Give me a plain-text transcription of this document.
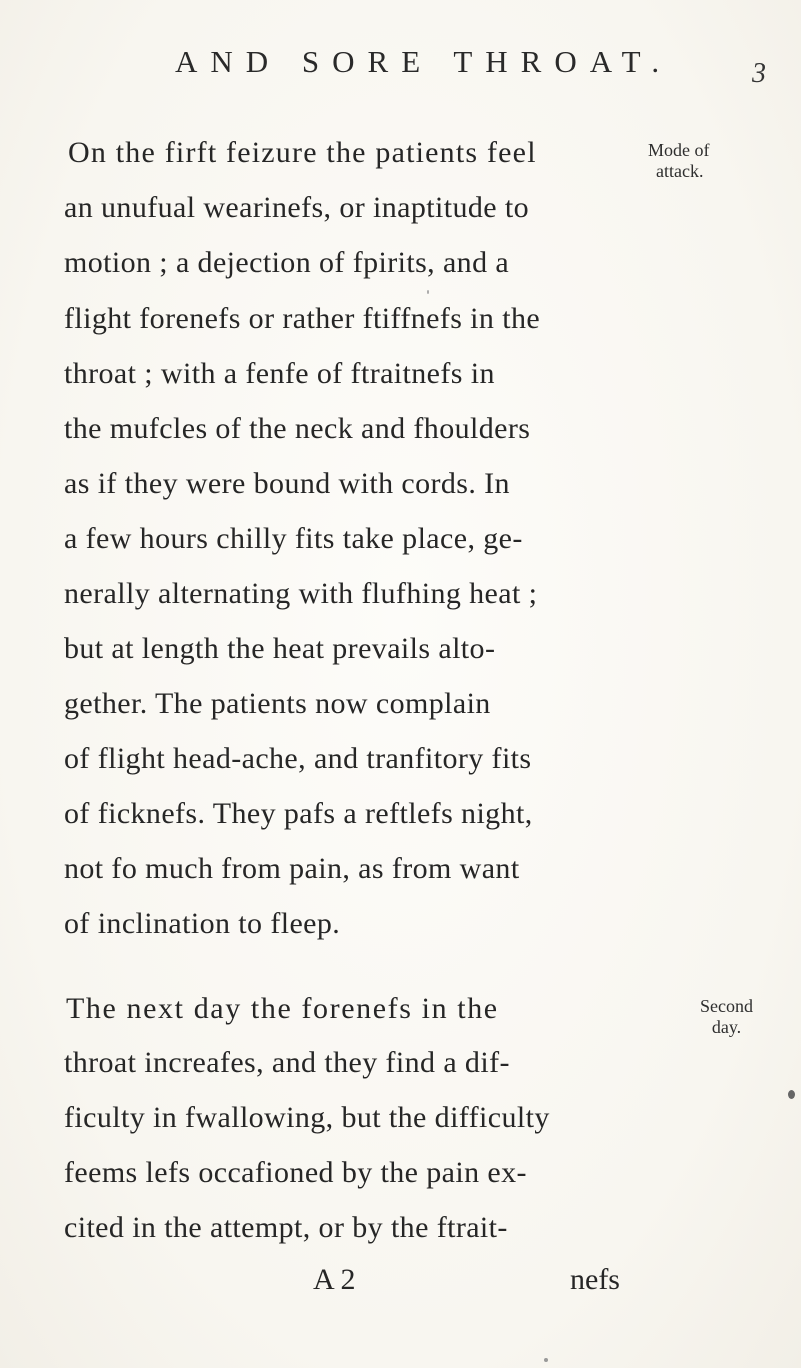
AND SORE THROAT.	3
On the firft feizure the patients feel
an unufual wearinefs, or inaptitude to
motion ; a dejection of fpirits, and a
flight forenefs or rather ftiffnefs in the
throat ; with a fenfe of ftraitnefs in
the mufcles of the neck and fhoulders
as if they were bound with cords. In
a few hours chilly fits take place, ge-
nerally alternating with flufhing heat ;
but at length the heat prevails alto-
gether. The patients now complain
of flight head-ache, and tranfitory fits
of ficknefs. They pafs a reftlefs night,
not fo much from pain, as from want
of inclination to fleep.
Mode of
attack.
The next day the forenefs in the
throat increafes, and they find a dif-
ficulty in fwallowing, but the difficulty
feems lefs occafioned by the pain ex-
cited in the attempt, or by the ftrait-
Second
day.
A 2	nefs
